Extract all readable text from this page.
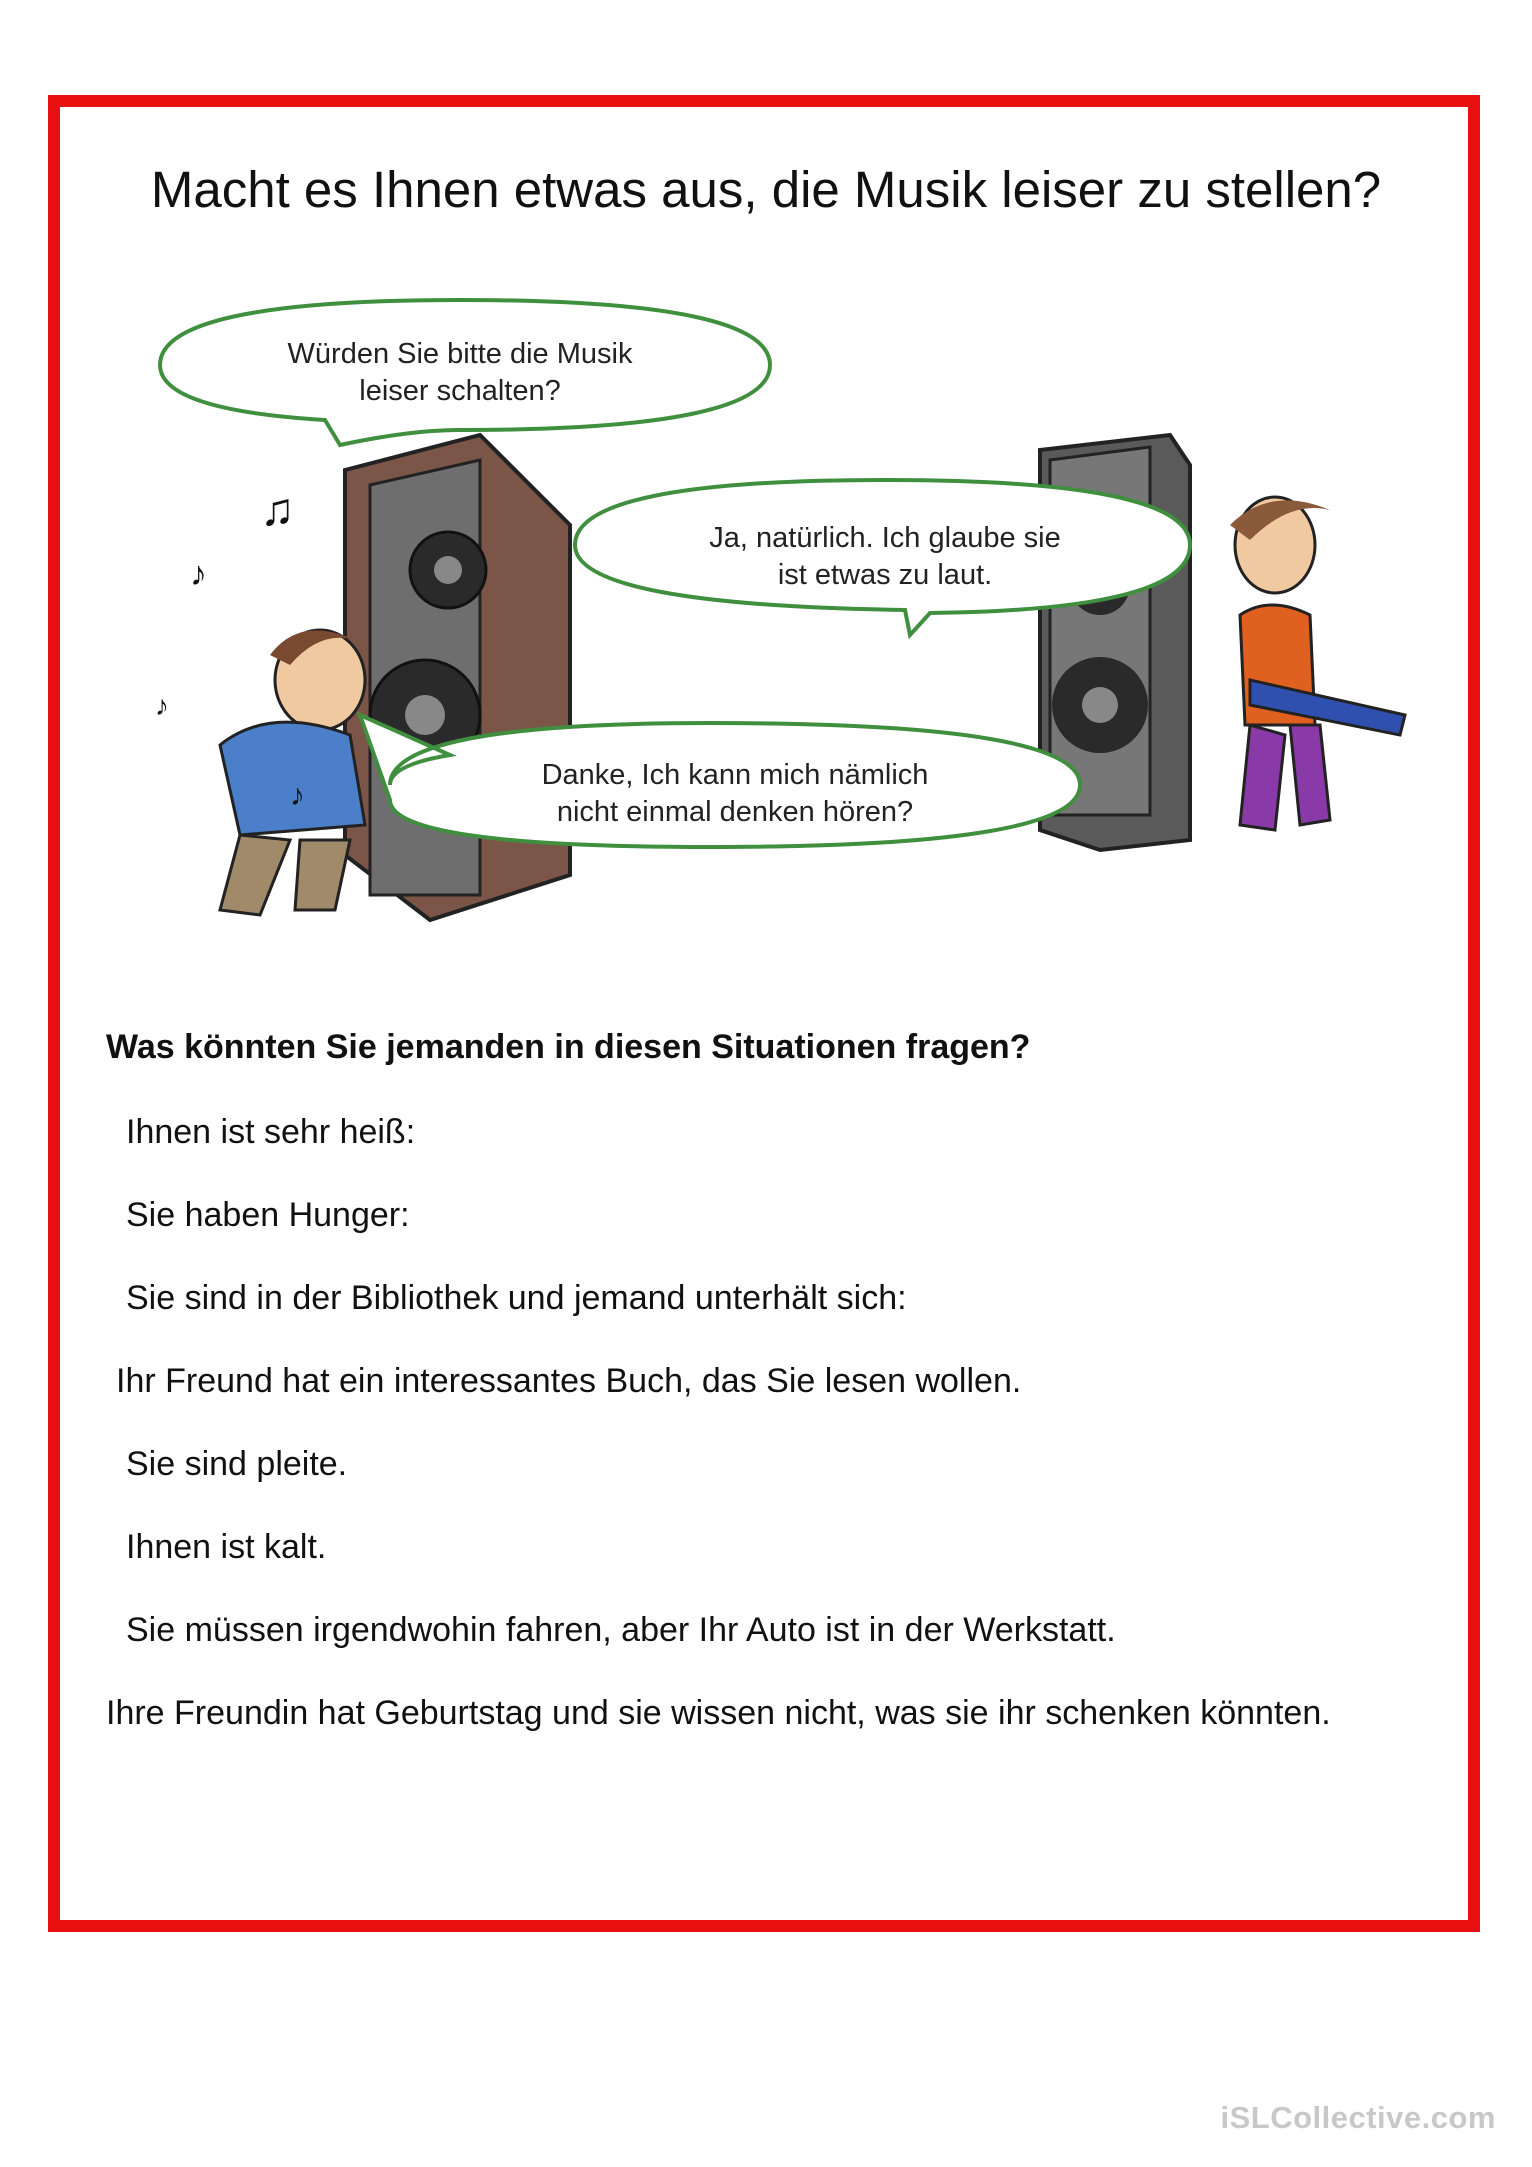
Macht es Ihnen etwas aus, die Musik leiser zu stellen?
♫
♪
♪
♪
Würden Sie bitte die Musik
leiser schalten?
Ja, natürlich. Ich glaube sie
ist etwas zu laut.
Danke, Ich kann mich nämlich
nicht einmal denken hören?
Was könnten Sie jemanden in diesen Situationen fragen?
Ihnen ist sehr heiß:
Sie haben Hunger:
Sie sind in der Bibliothek und jemand unterhält sich:
Ihr Freund hat ein interessantes Buch, das Sie lesen wollen.
Sie sind pleite.
Ihnen ist kalt.
Sie müssen irgendwohin fahren, aber Ihr Auto ist in der Werkstatt.
Ihre Freundin hat Geburtstag und sie wissen nicht, was sie ihr schenken könnten.
iSLCollective.com
